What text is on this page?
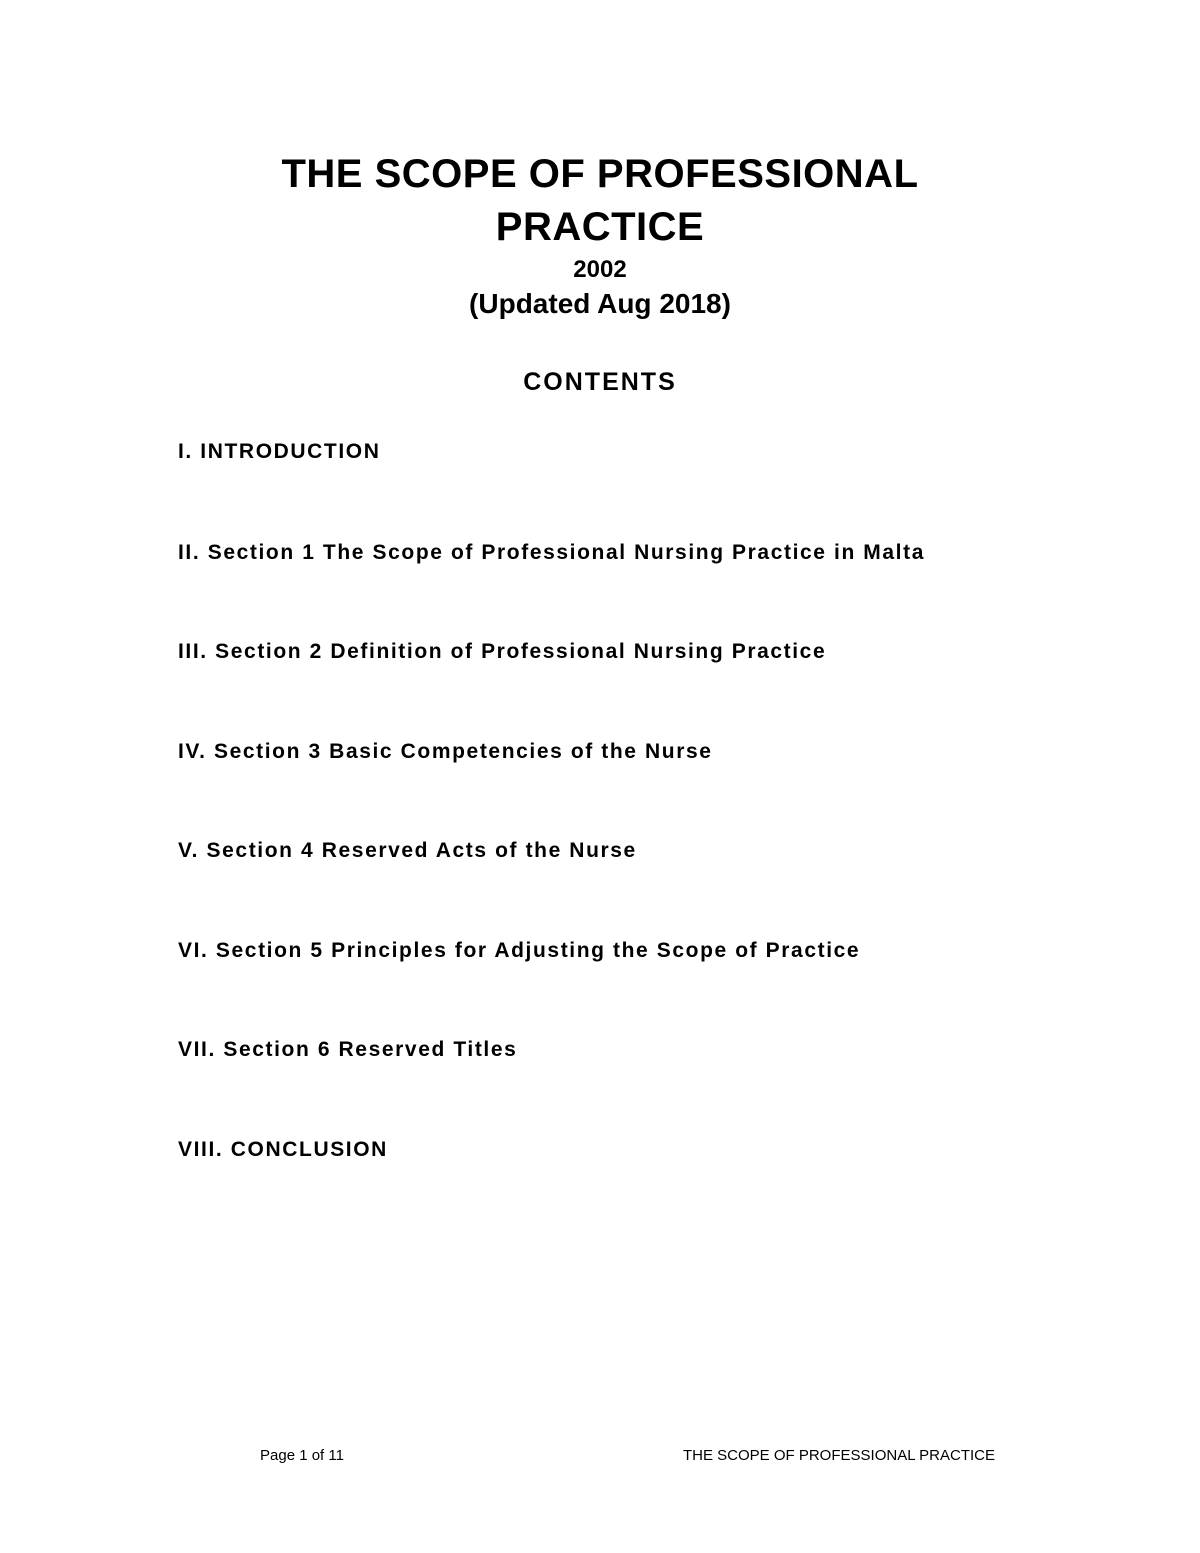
THE SCOPE OF PROFESSIONAL
PRACTICE
2002
(Updated Aug 2018)
CONTENTS
I. INTRODUCTION
II. Section 1 The Scope of Professional Nursing Practice in Malta
III. Section 2 Definition of Professional Nursing Practice
IV. Section 3 Basic Competencies of the Nurse
V. Section 4 Reserved Acts of the Nurse
VI. Section 5 Principles for Adjusting the Scope of Practice
VII. Section 6 Reserved Titles
VIII. CONCLUSION
Page 1 of 11	THE SCOPE OF PROFESSIONAL PRACTICE
